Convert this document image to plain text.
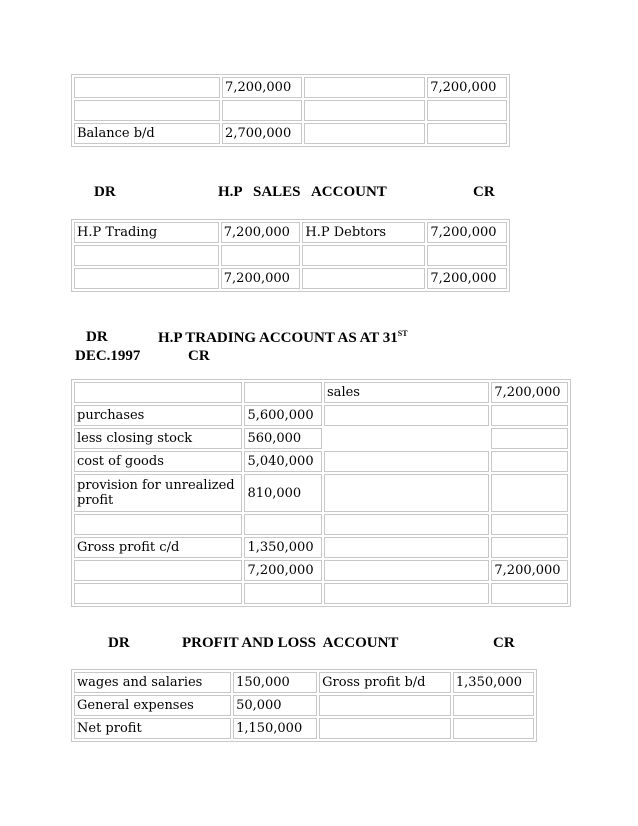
	7,200,000		7,200,000

Balance b/d	2,700,000		
DR	H.P   SALES   ACCOUNT	CR
H.P Trading	7,200,000	H.P Debtors	7,200,000

	7,200,000		7,200,000
DR	H.P TRADING ACCOUNT AS AT 31ST
DEC.1997	CR
		sales	7,200,000
purchases	5,600,000		
less closing stock	560,000		
cost of goods	5,040,000		
provision for unrealized profit	810,000		

Gross profit c/d	1,350,000		
	7,200,000		7,200,000

DR	PROFIT AND LOSS  ACCOUNT	CR
wages and salaries	150,000	Gross profit b/d	1,350,000
General expenses	50,000		
Net profit	1,150,000		
